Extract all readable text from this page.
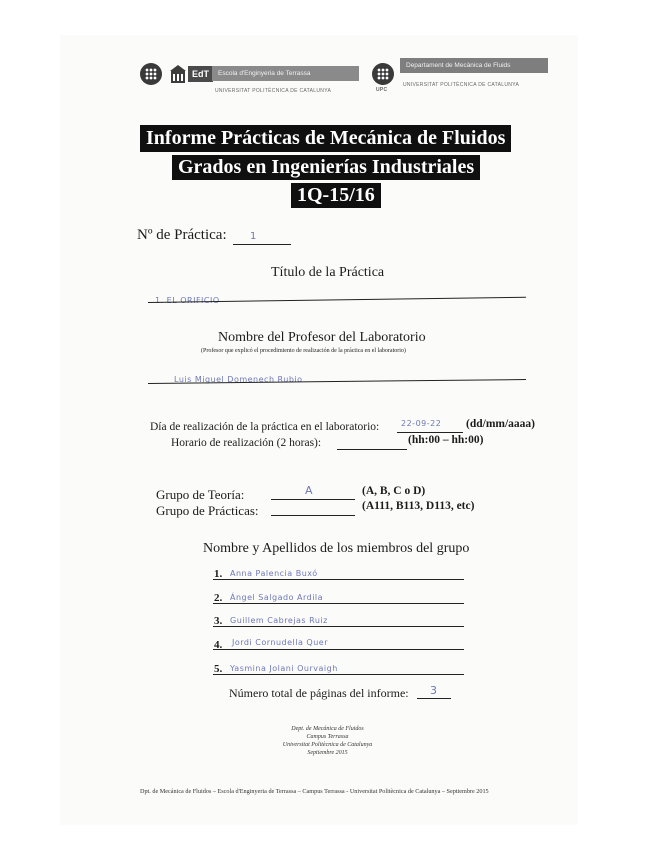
EdT	Escola d'Enginyeria de Terrassa
UNIVERSITAT POLITÈCNICA DE CATALUNYA	UPC
Departament de Mecànica de Fluids
UNIVERSITAT POLITÈCNICA DE CATALUNYA
Informe Prácticas de Mecánica de Fluidos
Grados en Ingenierías Industriales
1Q-15/16
Nº de Práctica: 1
Título de la Práctica
1. EL ORIFICIO
Nombre del Profesor del Laboratorio
(Profesor que explicó el procedimiento de realización de la práctica en el laboratorio)
Luis Miguel Domenech Rubio
Día de realización de la práctica en el laboratorio:	22-09-22 (dd/mm/aaaa)
Horario de realización (2 horas):	(hh:00 – hh:00)
Grupo de Teoría:	A	(A, B, C o D)
Grupo de Prácticas:	(A111, B113, D113, etc)
Nombre y Apellidos de los miembros del grupo
1. Anna Palencia Buxó
2. Ángel Salgado Ardila
3. Guillem Cabrejas Ruiz
4. Jordi Cornudella Quer
5. Yasmina Jolani Ourvaigh
Número total de páginas del informe: 3
Dept. de Mecánica de Fluidos
Campus Terrassa
Universitat Politècnica de Catalunya
Septiembre 2015
Dpt. de Mecánica de Fluidos – Escola d'Enginyeria de Terrassa – Campus Terrassa - Universitat Politècnica de Catalunya – Septiembre 2015
